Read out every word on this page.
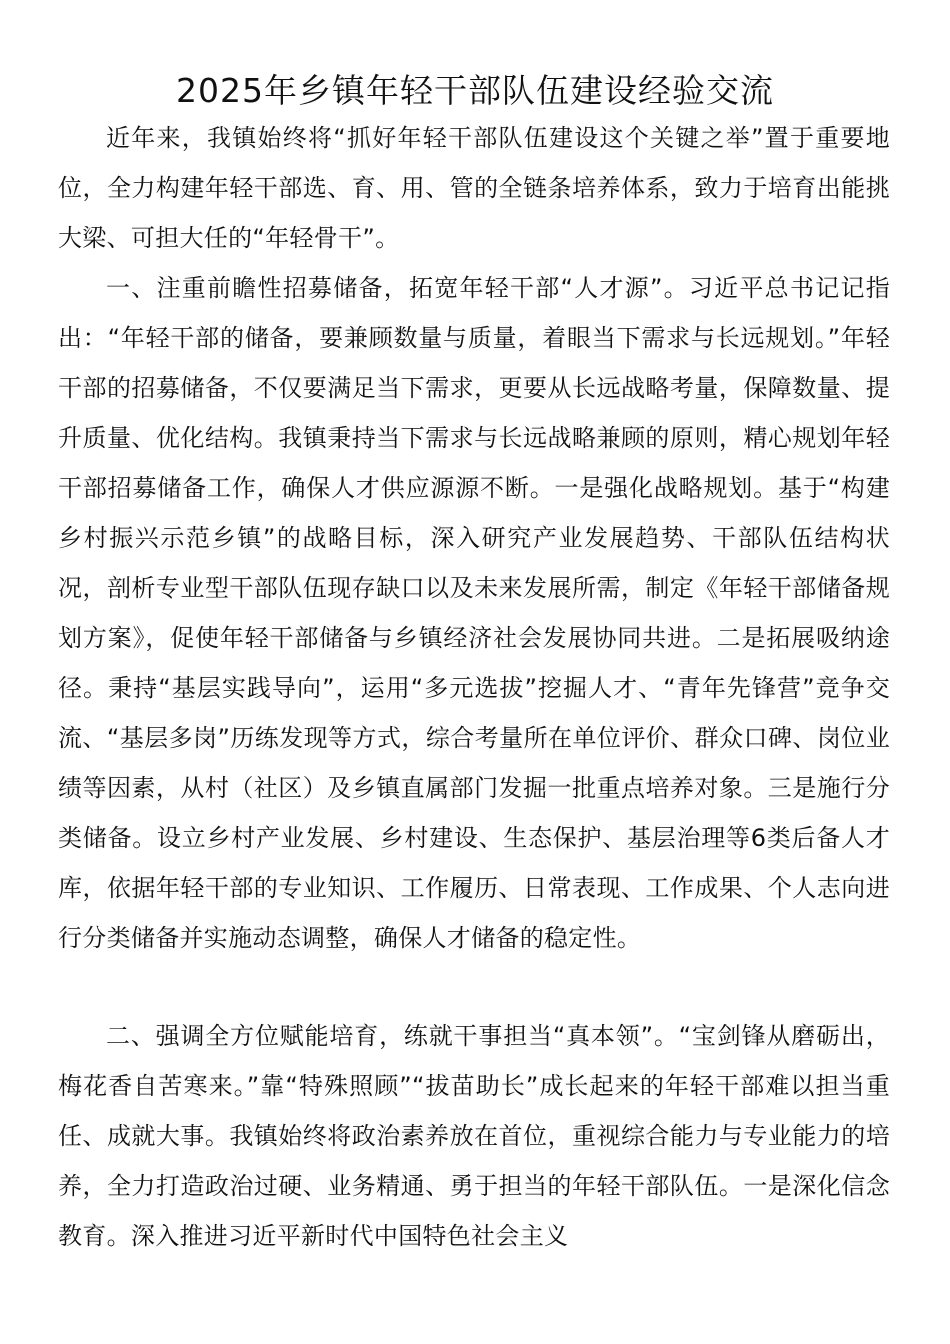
2025年乡镇年轻干部队伍建设经验交流

近年来，我镇始终将“抓好年轻干部队伍建设这个关键之举”置于重要地位，全力构建年轻干部选、育、用、管的全链条培养体系，致力于培育出能挑大梁、可担大任的“年轻骨干”。

一、注重前瞻性招募储备，拓宽年轻干部“人才源”。习近平总书记记指出：“年轻干部的储备，要兼顾数量与质量，着眼当下需求与长远规划。”年轻干部的招募储备，不仅要满足当下需求，更要从长远战略考量，保障数量、提升质量、优化结构。我镇秉持当下需求与长远战略兼顾的原则，精心规划年轻干部招募储备工作，确保人才供应源源不断。一是强化战略规划。基于“构建乡村振兴示范乡镇”的战略目标，深入研究产业发展趋势、干部队伍结构状况，剖析专业型干部队伍现存缺口以及未来发展所需，制定《年轻干部储备规划方案》，促使年轻干部储备与乡镇经济社会发展协同共进。二是拓展吸纳途径。秉持“基层实践导向”，运用“多元选拔”挖掘人才、“青年先锋营”竞争交流、“基层多岗”历练发现等方式，综合考量所在单位评价、群众口碑、岗位业绩等因素，从村（社区）及乡镇直属部门发掘一批重点培养对象。三是施行分类储备。设立乡村产业发展、乡村建设、生态保护、基层治理等6类后备人才库，依据年轻干部的专业知识、工作履历、日常表现、工作成果、个人志向进行分类储备并实施动态调整，确保人才储备的稳定性。

二、强调全方位赋能培育，练就干事担当“真本领”。“宝剑锋从磨砺出，梅花香自苦寒来。”靠“特殊照顾”“拔苗助长”成长起来的年轻干部难以担当重任、成就大事。我镇始终将政治素养放在首位，重视综合能力与专业能力的培养，全力打造政治过硬、业务精通、勇于担当的年轻干部队伍。一是深化信念教育。深入推进习近平新时代中国特色社会主义
